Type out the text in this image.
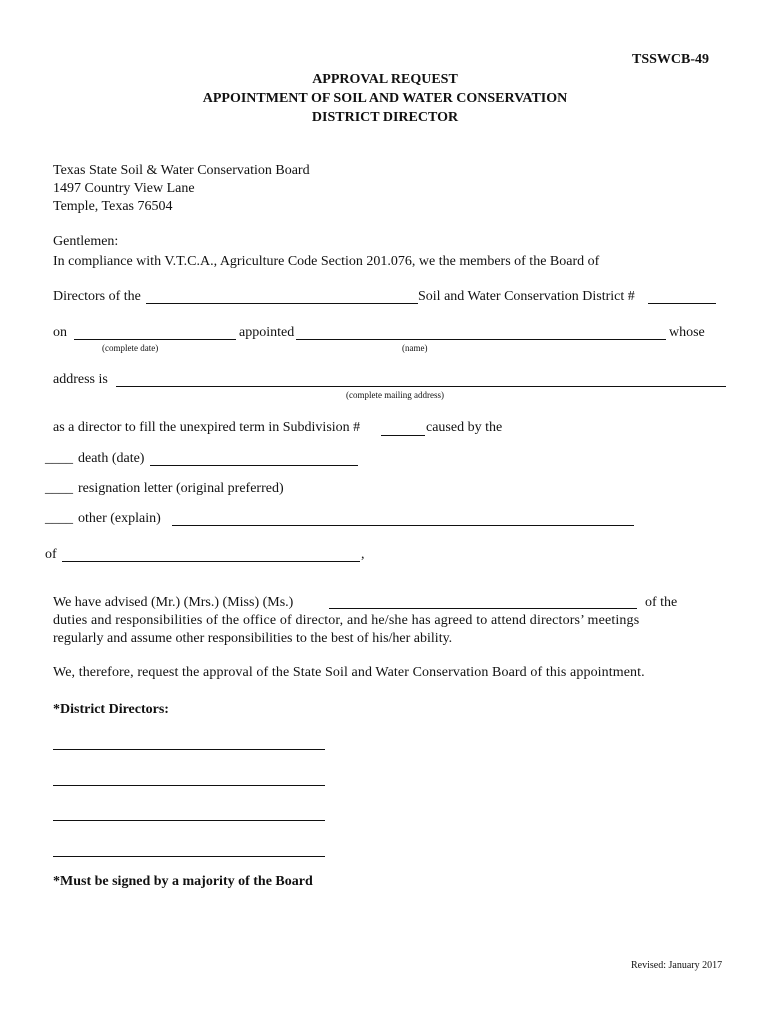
TSSWCB-49
APPROVAL REQUEST
APPOINTMENT OF SOIL AND WATER CONSERVATION
DISTRICT DIRECTOR
Texas State Soil & Water Conservation Board
1497 Country View Lane
Temple, Texas 76504
Gentlemen:
In compliance with V.T.C.A., Agriculture Code Section 201.076, we the members of the Board of
Directors of the	Soil and Water Conservation District #
on	appointed	whose
(complete date)	(name)
address is
(complete mailing address)
as a director to fill the unexpired term in Subdivision #	caused by the
____ death (date)
____ resignation letter (original preferred)
____ other (explain)
of	,
We have advised (Mr.) (Mrs.) (Miss) (Ms.)	of the
duties and responsibilities of the office of director, and he/she has agreed to attend directors’ meetings
regularly and assume other responsibilities to the best of his/her ability.
We, therefore, request the approval of the State Soil and Water Conservation Board of this appointment.
*District Directors:
*Must be signed by a majority of the Board
Revised: January 2017
